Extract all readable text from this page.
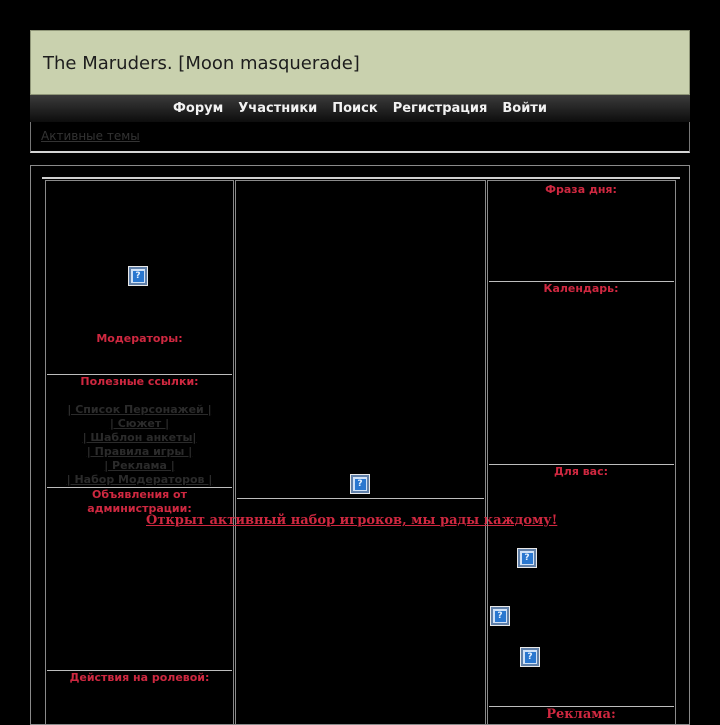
The Maruders. [Moon masquerade]
Форум Участники Поиск Регистрация Войти
Активные темы
?
Модераторы:
Полезные ссылки:
| Список Персонажей |
| Сюжет |
| Шаблон анкеты|
| Правила игры |
| Реклама |
| Набор Модераторов |
Объявления от администрации:
Действия на ролевой:
?
Открыт активный набор игроков, мы рады каждому!
Фраза дня:
Календарь:
Для вас:
?
?
?
Реклама:
